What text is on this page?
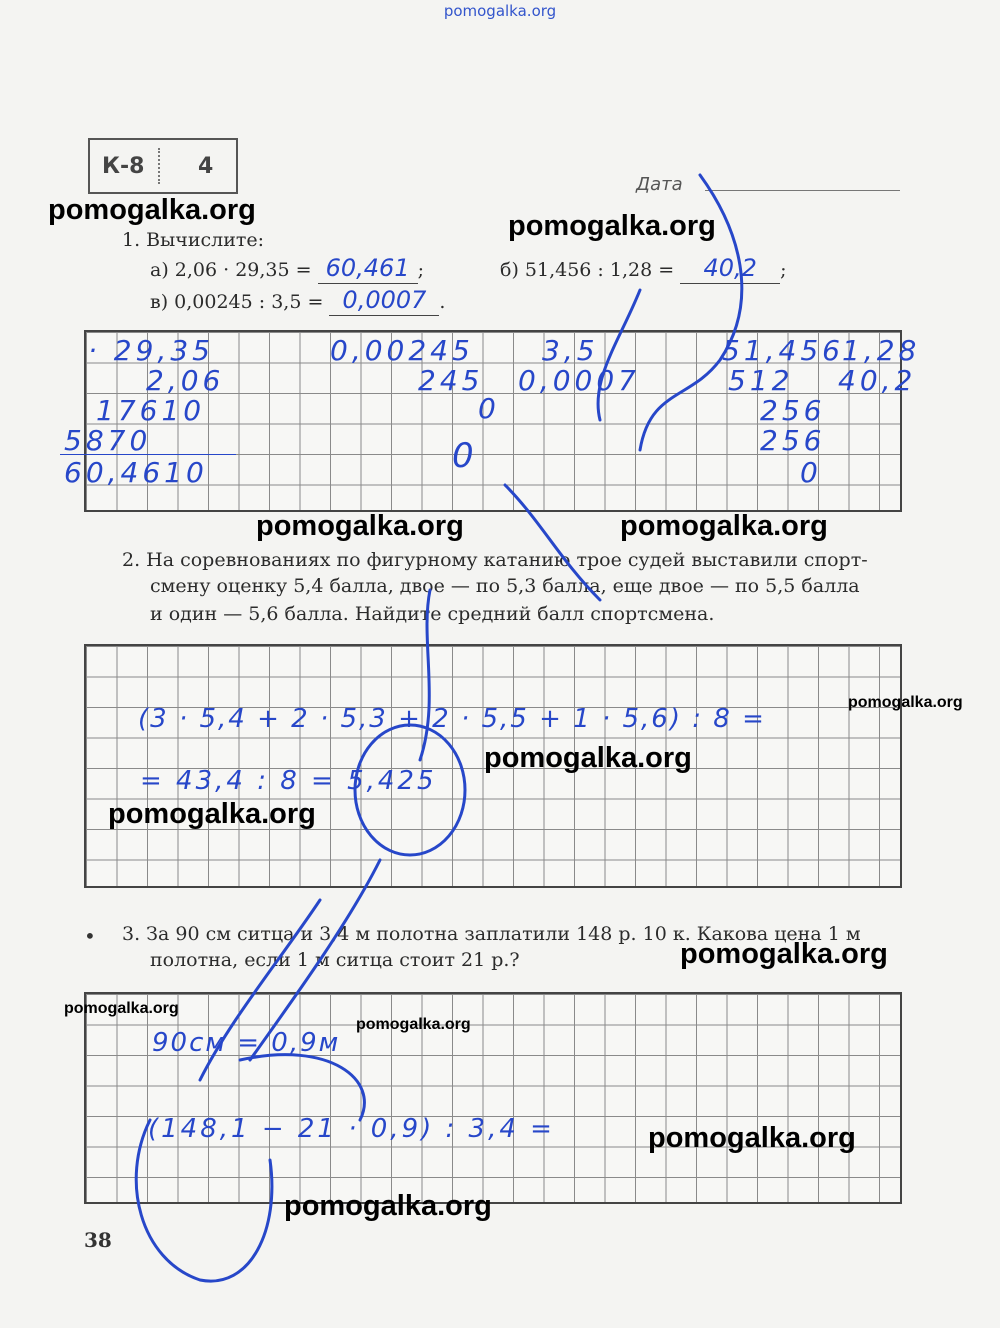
pomogalka.org
К-8 4
Дата
1. Вычислите:
а) 2,06 · 29,35 = 60,461 ;	б) 51,456 : 1,28 = 40,2 ;
в) 0,00245 : 3,5 = 0,0007 .
· 29,35
2,06
17610
5870
60,4610
0,00245 3,5
245 0,0007
0
51,456
1,28
512 40,2
256
256
0
0
2. На соревнованиях по фигурному катанию трое судей выставили спорт-
смену оценку 5,4 балла, двое — по 5,3 балла, еще двое — по 5,5 балла
и один — 5,6 балла. Найдите средний балл спортсмена.
(3 · 5,4 + 2 · 5,3 + 2 · 5,5 + 1 · 5,6) : 8 =
= 43,4 : 8 = 5,425
• 3. За 90 см ситца и 3,4 м полотна заплатили 148 р. 10 к. Какова цена 1 м
полотна, если 1 м ситца стоит 21 р.?
90см = 0,9м
(148,1 − 21 · 0,9) : 3,4 =
38
pomogalka.org	pomogalka.org
pomogalka.org	pomogalka.org
pomogalka.org
pomogalka.org
pomogalka.org
pomogalka.org
pomogalka.org
pomogalka.org
pomogalka.org
pomogalka.org
